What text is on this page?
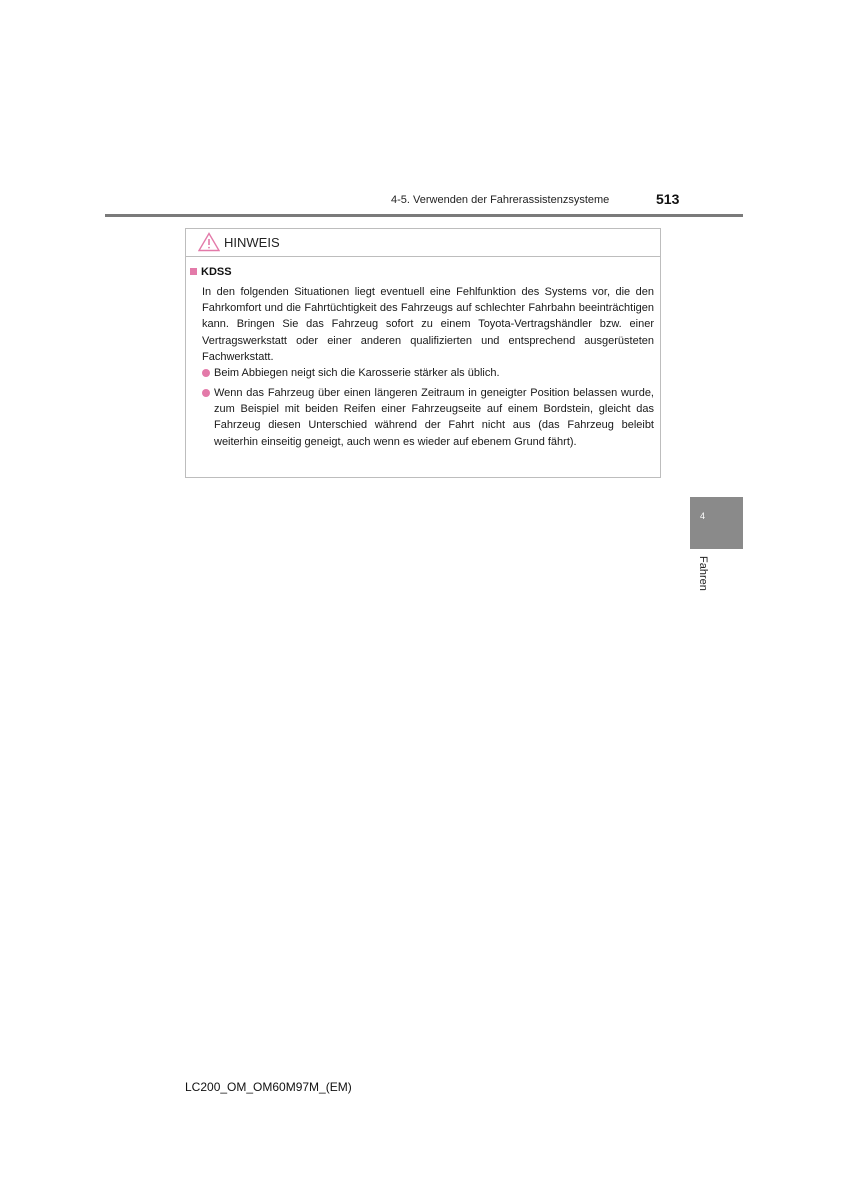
4-5. Verwenden der Fahrerassistenzsysteme	513
HINWEIS
KDSS
In den folgenden Situationen liegt eventuell eine Fehlfunktion des Systems vor, die den Fahrkomfort und die Fahrtüchtigkeit des Fahrzeugs auf schlechter Fahrbahn beeinträchtigen kann. Bringen Sie das Fahrzeug sofort zu einem Toyota-Vertragshändler bzw. einer Vertragswerkstatt oder einer anderen qualifizierten und entsprechend ausgerüsteten Fachwerkstatt.
Beim Abbiegen neigt sich die Karosserie stärker als üblich.
Wenn das Fahrzeug über einen längeren Zeitraum in geneigter Position belassen wurde, zum Beispiel mit beiden Reifen einer Fahrzeugseite auf einem Bordstein, gleicht das Fahrzeug diesen Unterschied während der Fahrt nicht aus (das Fahrzeug beleibt weiterhin einseitig geneigt, auch wenn es wieder auf ebenem Grund fährt).
4
Fahren
LC200_OM_OM60M97M_(EM)
